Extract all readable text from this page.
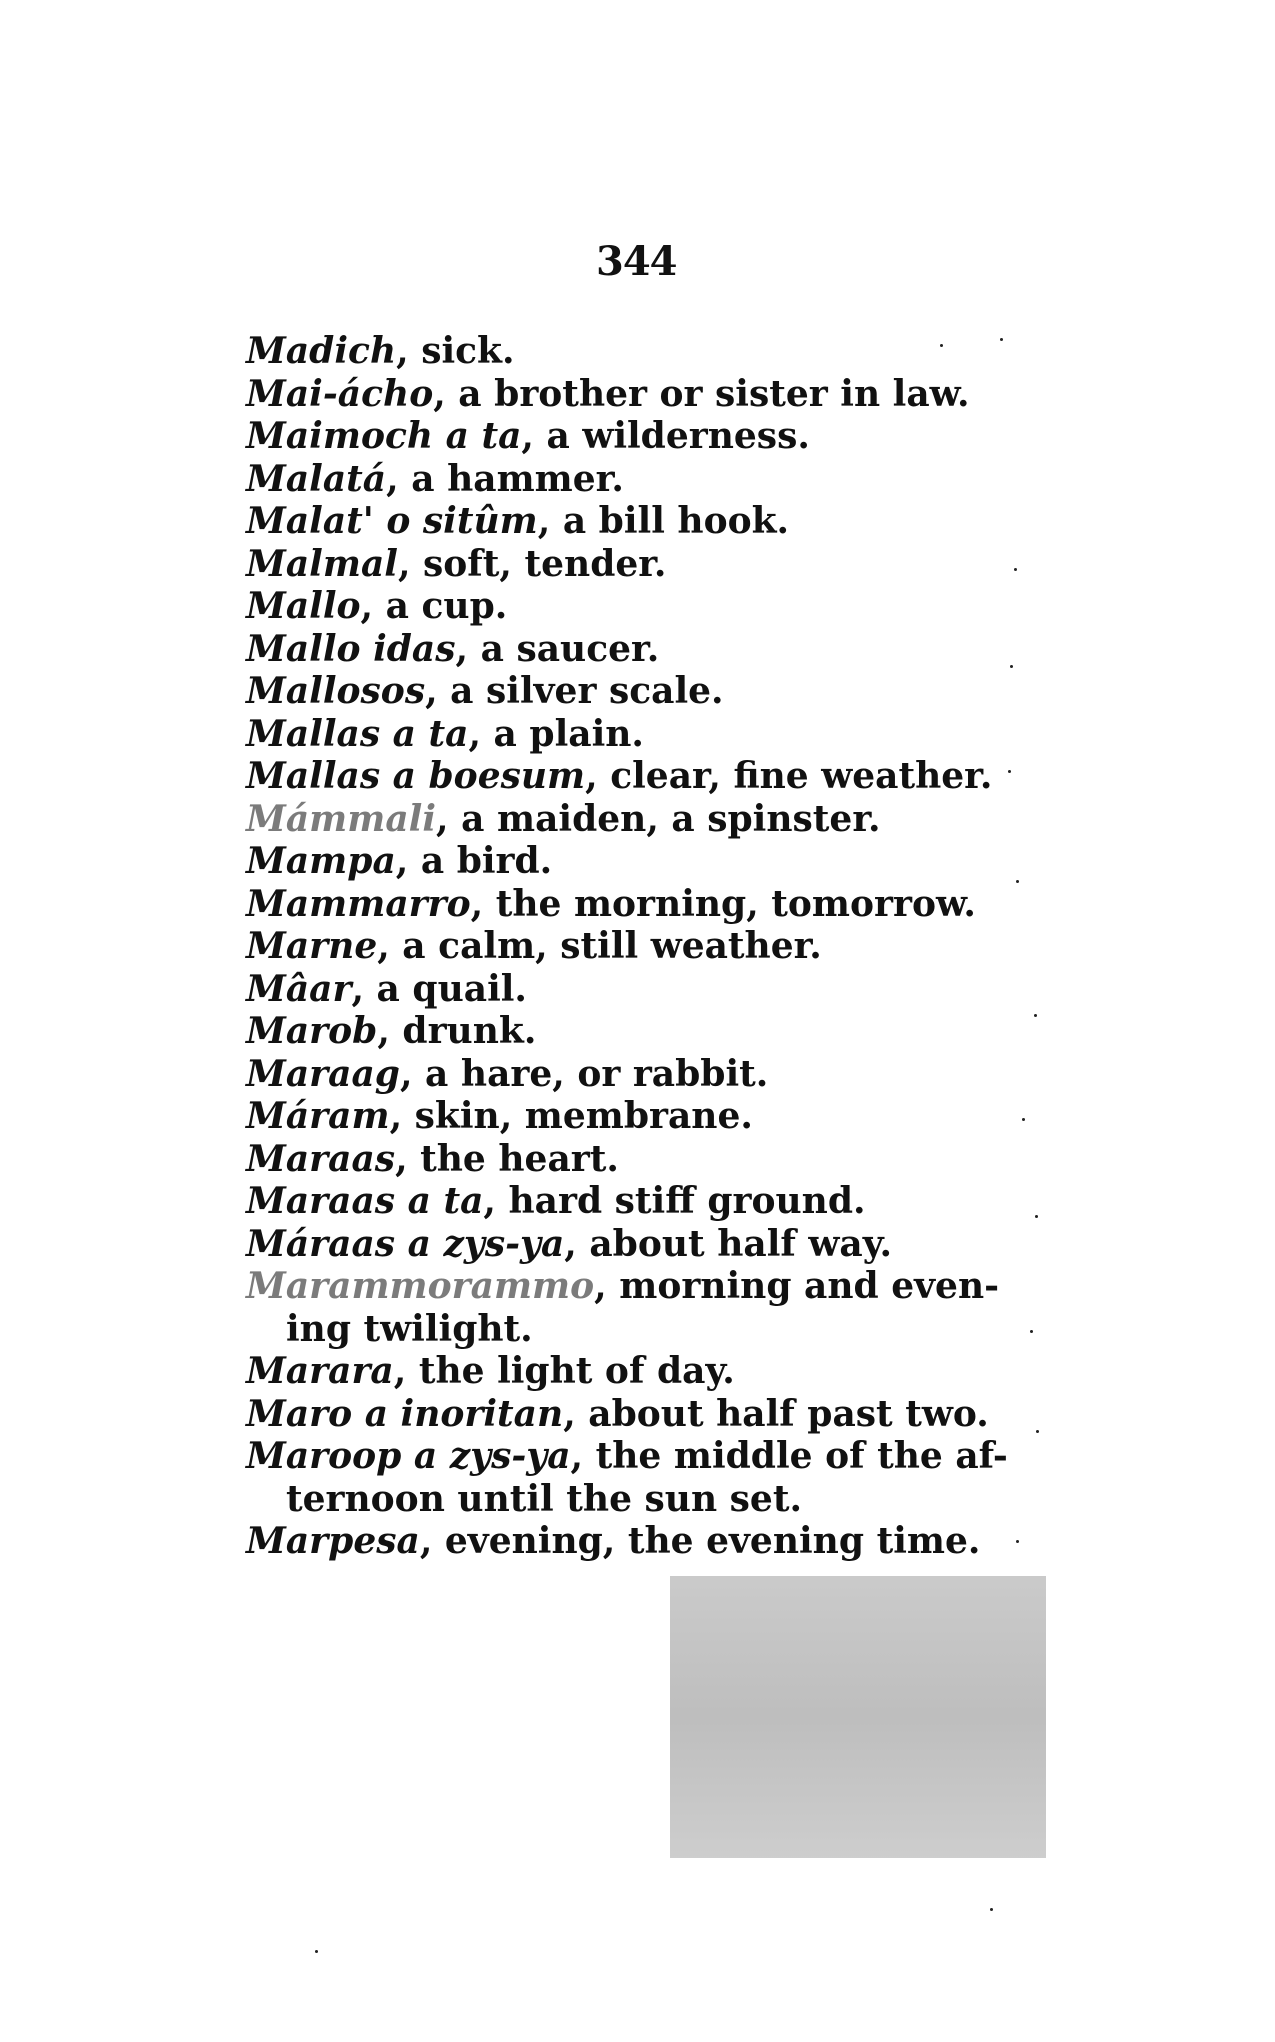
344
Madich, sick.
Mai-ácho, a brother or sister in law.
Maimoch a ta, a wilderness.
Malatá, a hammer.
Malat' o sitûm, a bill hook.
Malmal, soft, tender.
Mallo, a cup.
Mallo idas, a saucer.
Mallosos, a silver scale.
Mallas a ta, a plain.
Mallas a boesum, clear, fine weather.
Mámmali, a maiden, a spinster.
Mampa, a bird.
Mammarro, the morning, tomorrow.
Marne, a calm, still weather.
Mâar, a quail.
Marob, drunk.
Maraag, a hare, or rabbit.
Máram, skin, membrane.
Maraas, the heart.
Maraas a ta, hard stiff ground.
Máraas a zys-ya, about half way.
Marammorammo, morning and even-
ing twilight.
Marara, the light of day.
Maro a inoritan, about half past two.
Maroop a zys-ya, the middle of the af-
ternoon until the sun set.
Marpesa, evening, the evening time.
